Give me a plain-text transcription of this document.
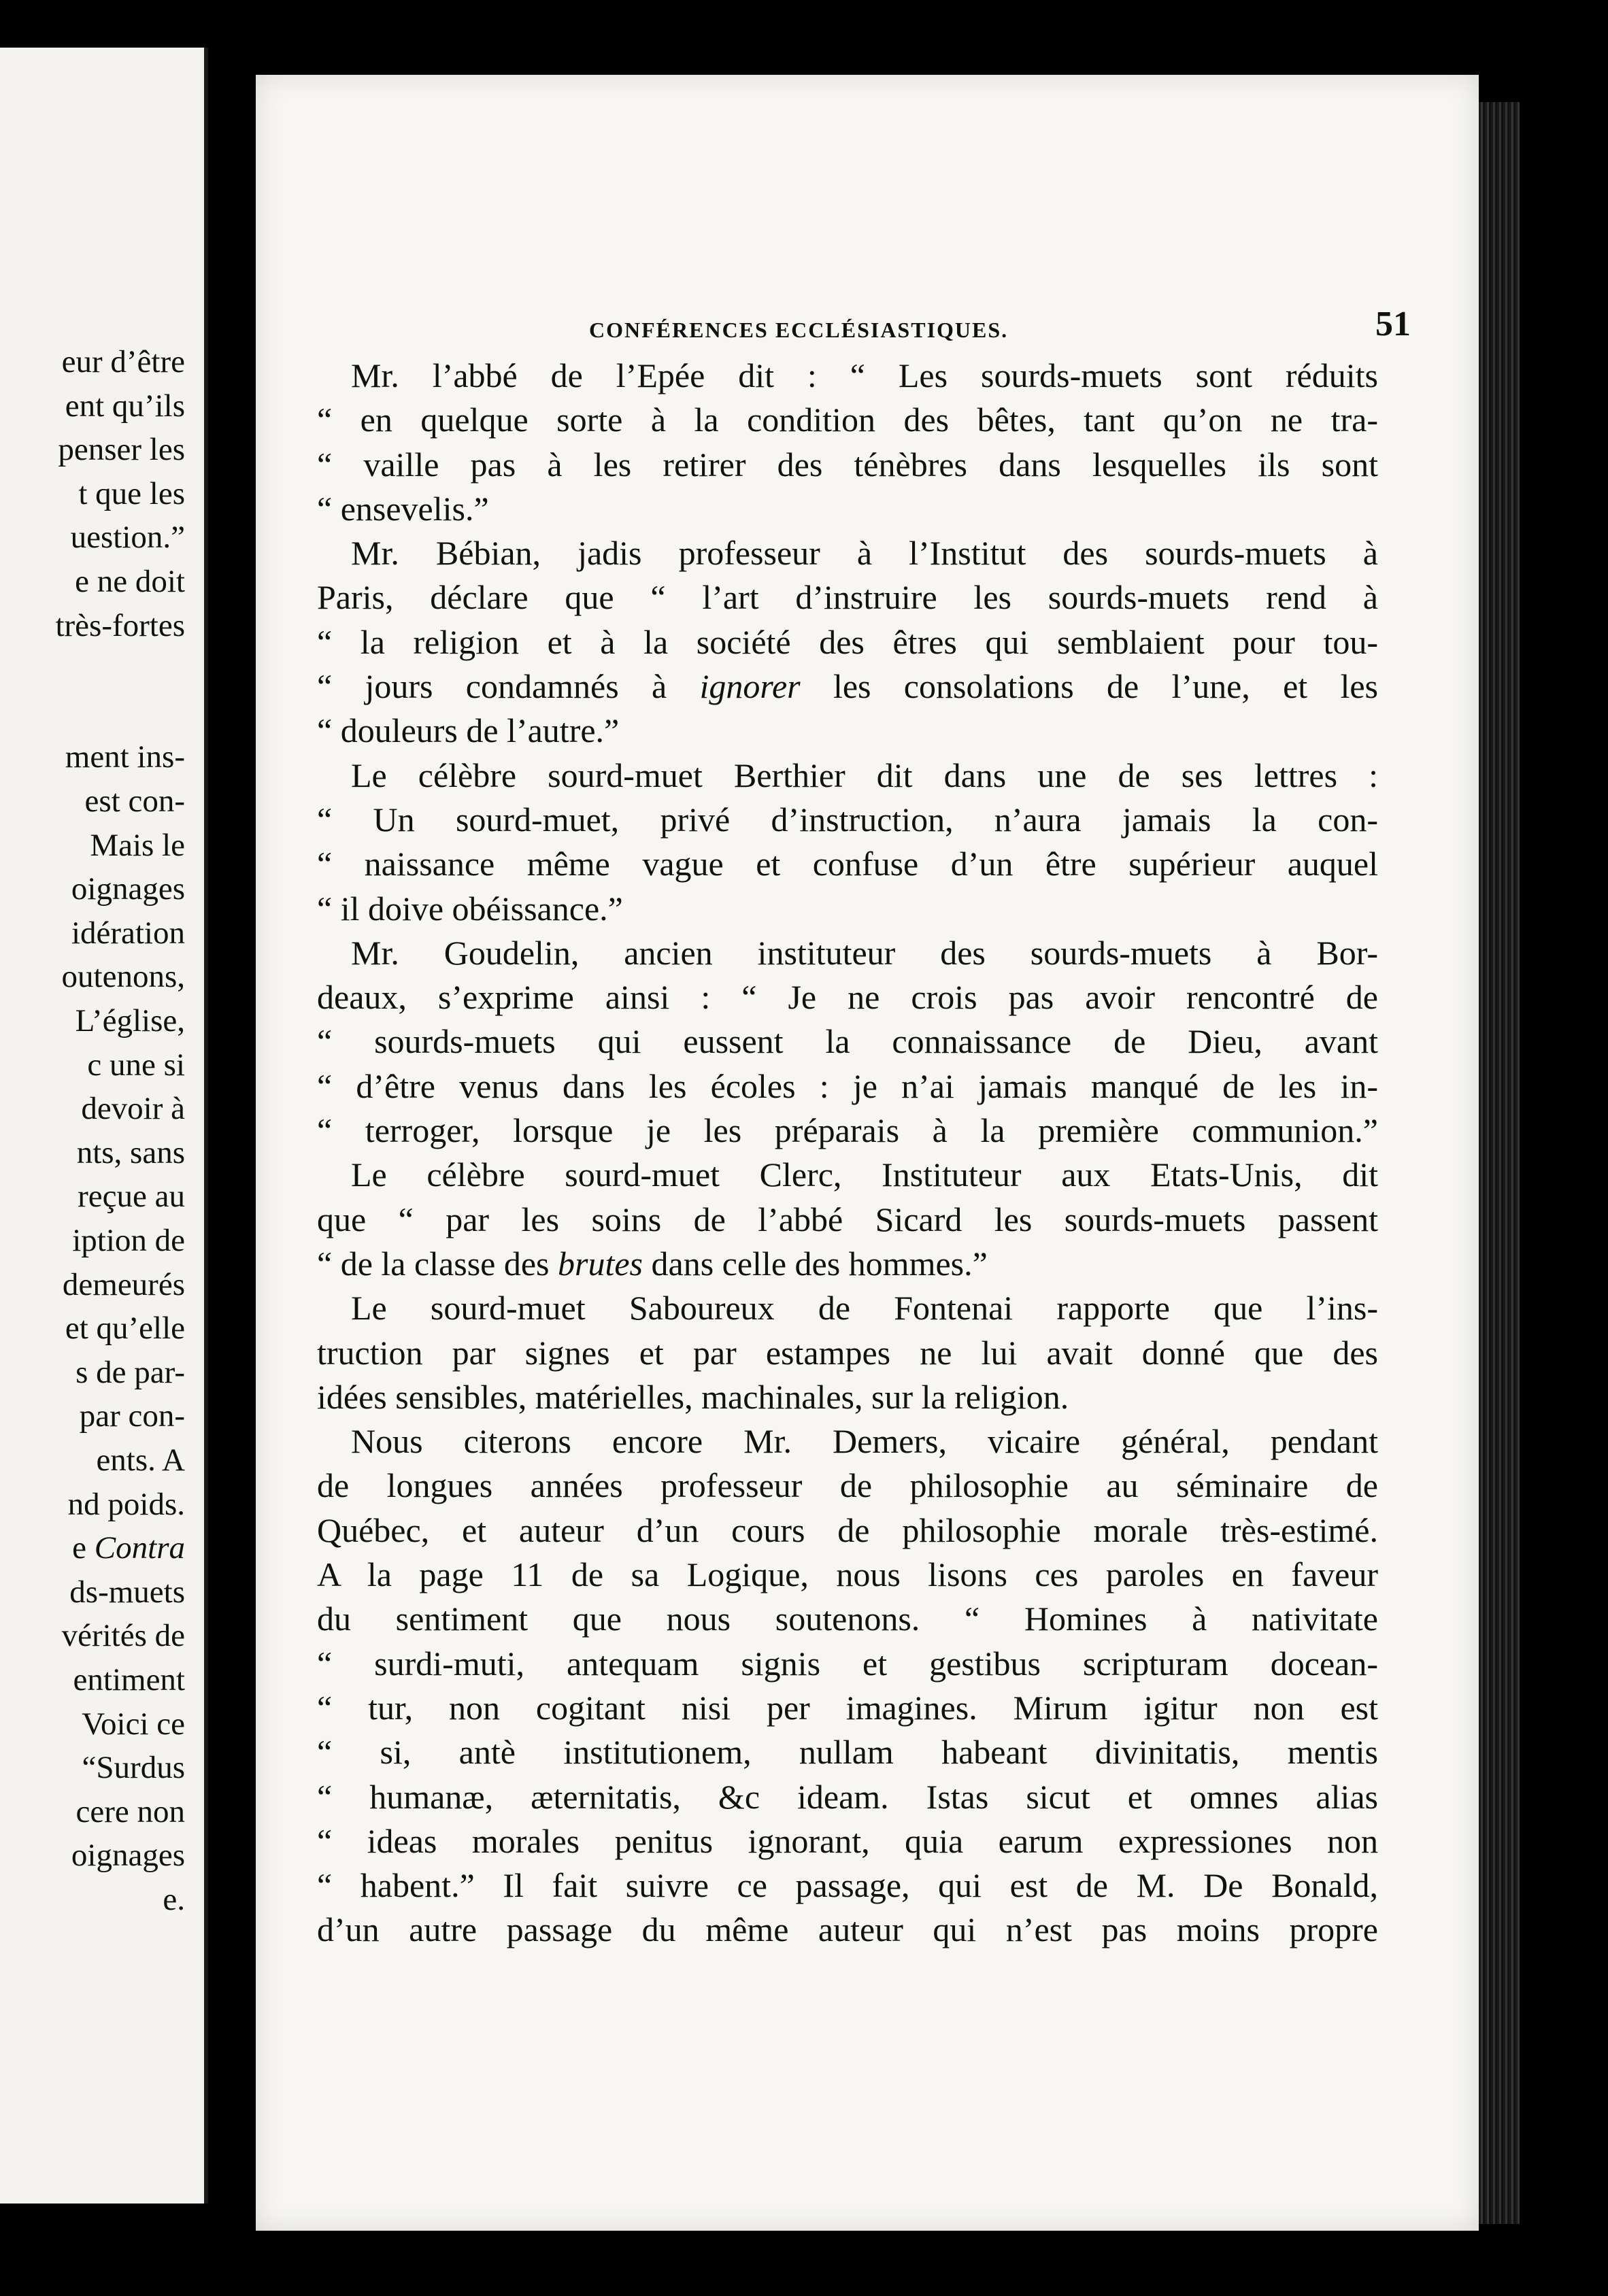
eur d’être
ent qu’ils
penser les
t que les
uestion.”
e ne doit
très-fortes
ment ins-
est con-
Mais le
oignages
idération
outenons,
L’église,
c une si
devoir à
nts, sans
reçue au
iption de
demeurés
et qu’elle
s de par-
par con-
ents. A
nd poids.
e Contra
ds-muets
vérités de
entiment
Voici ce
“Surdus
cere non
oignages
e.
CONFÉRENCES ECCLÉSIASTIQUES.	51
Mr. l’abbé de l’Epée dit : “ Les sourds-muets sont réduits
“ en quelque sorte à la condition des bêtes, tant qu’on ne tra-
“ vaille pas à les retirer des ténèbres dans lesquelles ils sont
“ ensevelis.”
Mr. Bébian, jadis professeur à l’Institut des sourds-muets à
Paris, déclare que “ l’art d’instruire les sourds-muets rend à
“ la religion et à la société des êtres qui semblaient pour tou-
“ jours condamnés à ignorer les consolations de l’une, et les
“ douleurs de l’autre.”
Le célèbre sourd-muet Berthier dit dans une de ses lettres :
“ Un sourd-muet, privé d’instruction, n’aura jamais la con-
“ naissance même vague et confuse d’un être supérieur auquel
“ il doive obéissance.”
Mr. Goudelin, ancien instituteur des sourds-muets à Bor-
deaux, s’exprime ainsi : “ Je ne crois pas avoir rencontré de
“ sourds-muets qui eussent la connaissance de Dieu, avant
“ d’être venus dans les écoles : je n’ai jamais manqué de les in-
“ terroger, lorsque je les préparais à la première communion.”
Le célèbre sourd-muet Clerc, Instituteur aux Etats-Unis, dit
que “ par les soins de l’abbé Sicard les sourds-muets passent
“ de la classe des brutes dans celle des hommes.”
Le sourd-muet Saboureux de Fontenai rapporte que l’ins-
truction par signes et par estampes ne lui avait donné que des
idées sensibles, matérielles, machinales, sur la religion.
Nous citerons encore Mr. Demers, vicaire général, pendant
de longues années professeur de philosophie au séminaire de
Québec, et auteur d’un cours de philosophie morale très-estimé.
A la page 11 de sa Logique, nous lisons ces paroles en faveur
du sentiment que nous soutenons. “ Homines à nativitate
“ surdi-muti, antequam signis et gestibus scripturam docean-
“ tur, non cogitant nisi per imagines. Mirum igitur non est
“ si, antè institutionem, nullam habeant divinitatis, mentis
“ humanæ, æternitatis, &c ideam. Istas sicut et omnes alias
“ ideas morales penitus ignorant, quia earum expressiones non
“ habent.” Il fait suivre ce passage, qui est de M. De Bonald,
d’un autre passage du même auteur qui n’est pas moins propre
